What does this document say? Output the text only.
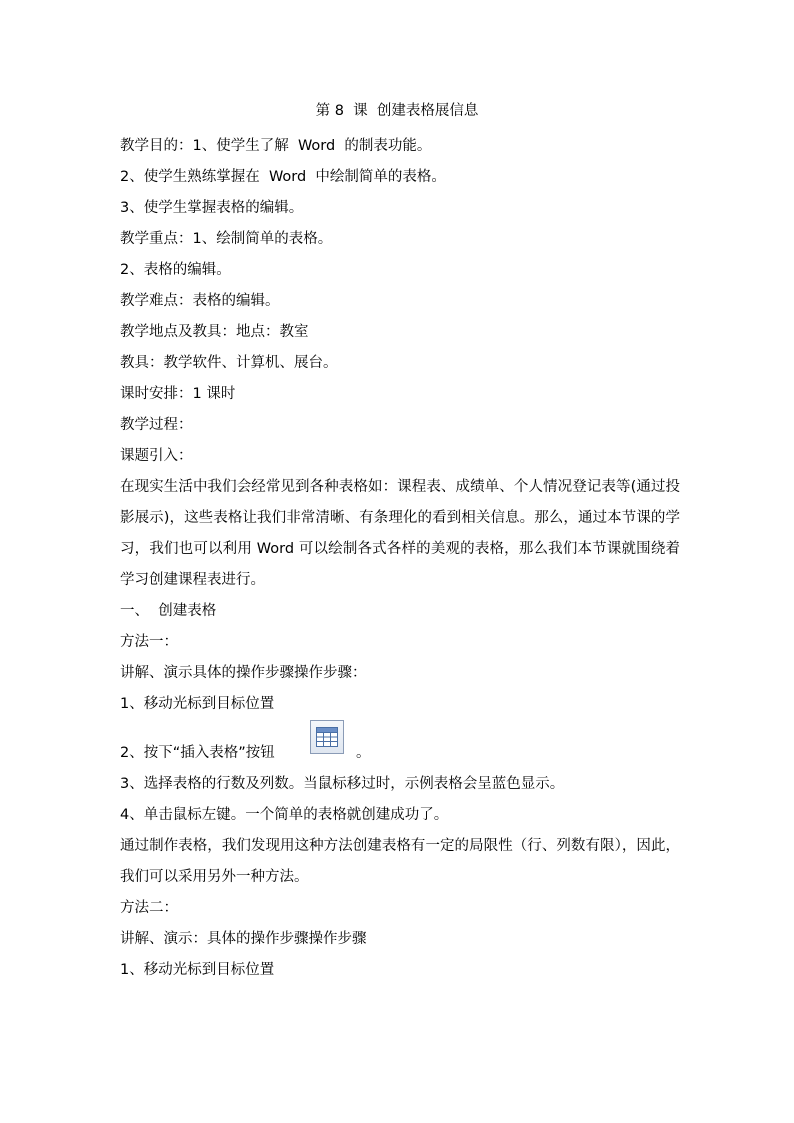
第 8  课  创建表格展信息
教学目的：1、使学生了解  Word  的制表功能。
2、使学生熟练掌握在  Word  中绘制简单的表格。
3、使学生掌握表格的编辑。
教学重点：1、绘制简单的表格。
2、表格的编辑。
教学难点：表格的编辑。
教学地点及教具：地点：教室
教具：教学软件、计算机、展台。
课时安排：1 课时
教学过程：
课题引入：
在现实生活中我们会经常见到各种表格如：课程表、成绩单、个人情况登记表等(通过投影展示)，这些表格让我们非常清晰、有条理化的看到相关信息。那么，通过本节课的学习，我们也可以利用 Word 可以绘制各式各样的美观的表格，那么我们本节课就围绕着学习创建课程表进行。
一、  创建表格
方法一：
讲解、演示具体的操作步骤操作步骤：
1、移动光标到目标位置
2、按下“插入表格”按钮	。
3、选择表格的行数及列数。当鼠标移过时，示例表格会呈蓝色显示。
4、单击鼠标左键。一个简单的表格就创建成功了。
通过制作表格，我们发现用这种方法创建表格有一定的局限性（行、列数有限），因此，我们可以采用另外一种方法。
方法二：
讲解、演示：具体的操作步骤操作步骤
1、移动光标到目标位置
